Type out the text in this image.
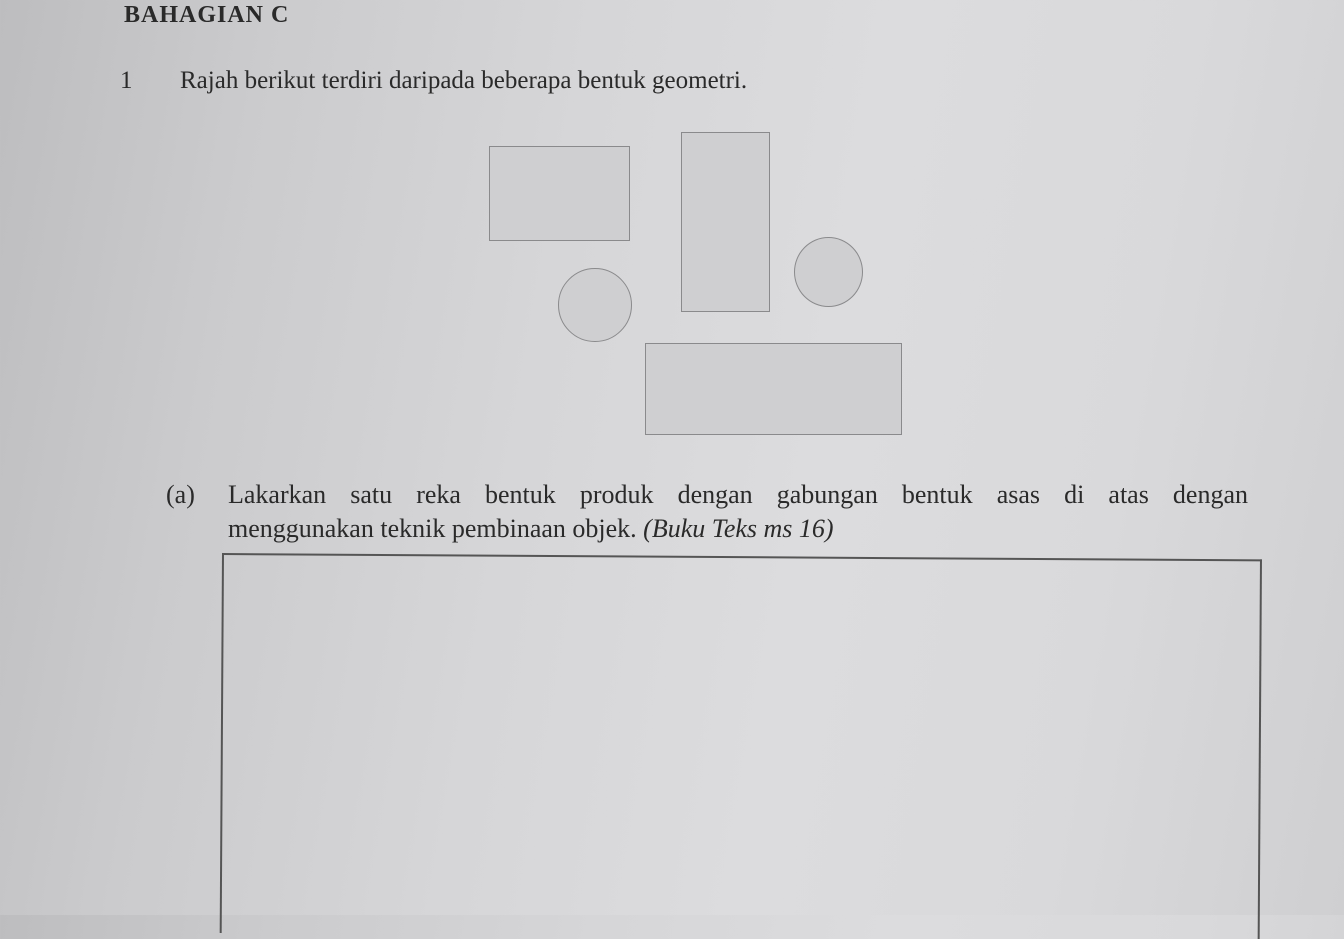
BAHAGIAN C
1 Rajah berikut terdiri daripada beberapa bentuk geometri.
(a) Lakarkan satu reka bentuk produk dengan gabungan bentuk asas di atas dengan
menggunakan teknik pembinaan objek. (Buku Teks ms 16)
